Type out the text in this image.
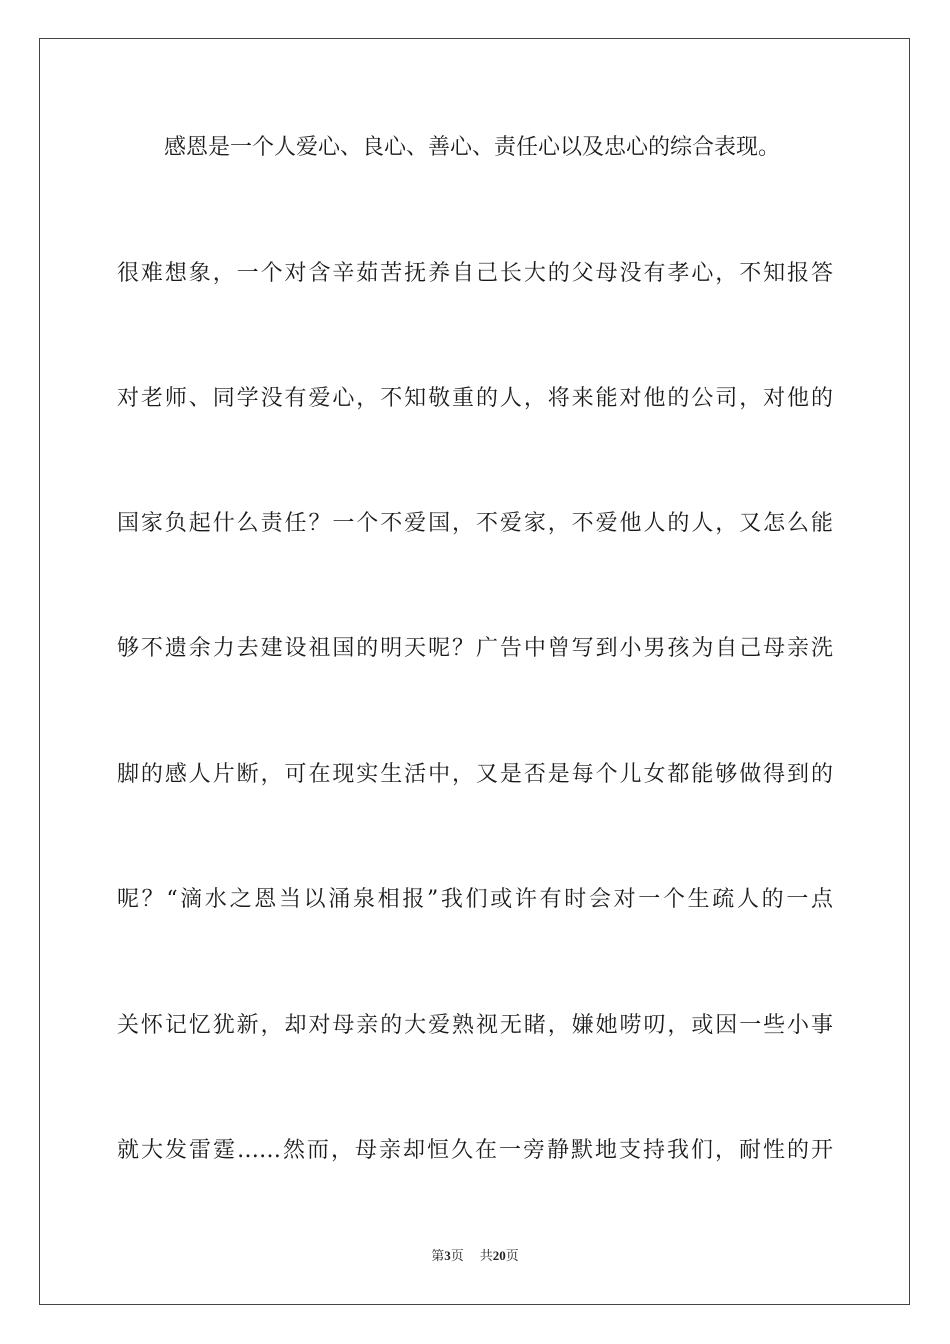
感恩是一个人爱心、良心、善心、责任心以及忠心的综合表现。
很难想象，一个对含辛茹苦抚养自己长大的父母没有孝心，不知报答
对老师、同学没有爱心，不知敬重的人，将来能对他的公司，对他的
国家负起什么责任？一个不爱国，不爱家，不爱他人的人，又怎么能
够不遗余力去建设祖国的明天呢？广告中曾写到小男孩为自己母亲洗
脚的感人片断，可在现实生活中，又是否是每个儿女都能够做得到的
呢？“滴水之恩当以涌泉相报”我们或许有时会对一个生疏人的一点
关怀记忆犹新，却对母亲的大爱熟视无睹，嫌她唠叨，或因一些小事
就大发雷霆……然而，母亲却恒久在一旁静默地支持我们，耐性的开
第3页 共20页
